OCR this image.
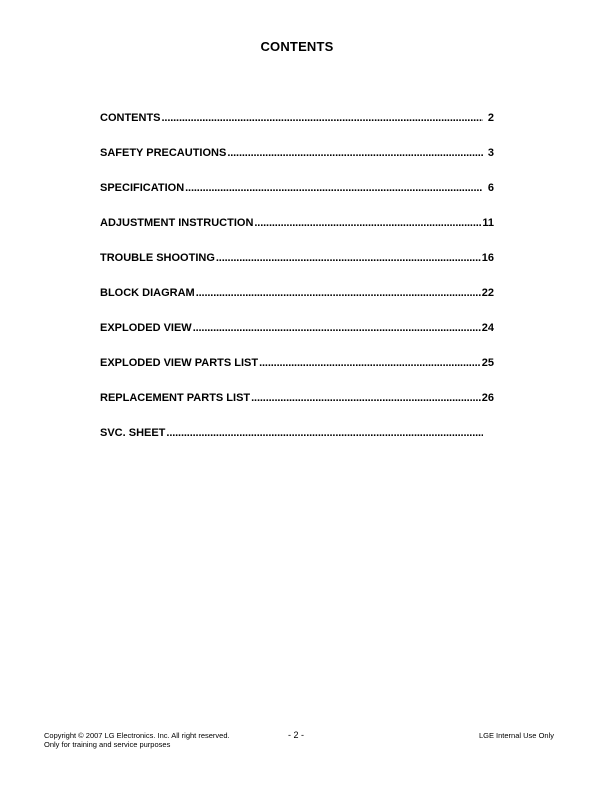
CONTENTS
CONTENTS . . .	2
SAFETY PRECAUTIONS . . .	3
SPECIFICATION . . .	6
ADJUSTMENT INSTRUCTION . . .	11
TROUBLE SHOOTING . . .	16
BLOCK DIAGRAM . . .	22
EXPLODED VIEW . . .	24
EXPLODED VIEW PARTS LIST . . .	25
REPLACEMENT PARTS LIST . . .	26
SVC. SHEET
. . .
Copyright © 2007 LG Electronics. Inc. All right reserved.
Only for training and service purposes
- 2 -	LGE Internal Use Only
